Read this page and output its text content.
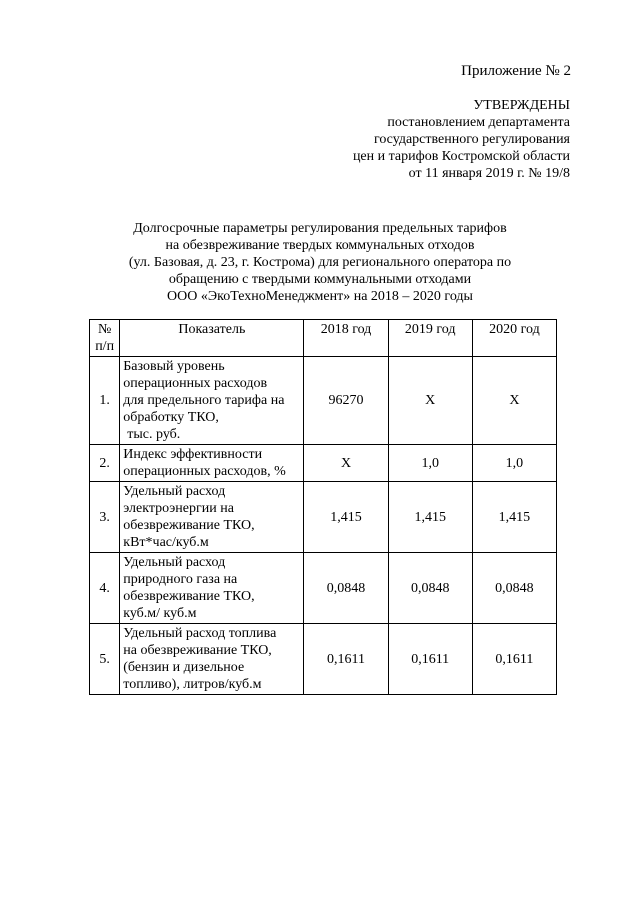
Приложение № 2
УТВЕРЖДЕНЫ
постановлением департамента
государственного регулирования
цен и тарифов Костромской области
от 11 января 2019 г. № 19/8
Долгосрочные параметры регулирования предельных тарифов
на обезвреживание твердых коммунальных отходов
(ул. Базовая, д. 23, г. Кострома) для регионального оператора по
обращению с твердыми коммунальными отходами
ООО «ЭкоТехноМенеджмент» на 2018 – 2020 годы
№ п/п	Показатель	2018 год	2019 год	2020 год
1.	Базовый уровень
операционных расходов
для предельного тарифа на
обработку ТКО,
тыс. руб.	96270	Х	Х
2.	Индекс эффективности
операционных расходов, %	Х	1,0	1,0
3.	Удельный расход
электроэнергии на
обезвреживание ТКО,
кВт*час/куб.м	1,415	1,415	1,415
4.	Удельный расход
природного газа на
обезвреживание ТКО,
куб.м/ куб.м	0,0848	0,0848	0,0848
5.	Удельный расход топлива
на обезвреживание ТКО,
(бензин и дизельное
топливо), литров/куб.м	0,1611	0,1611	0,1611
